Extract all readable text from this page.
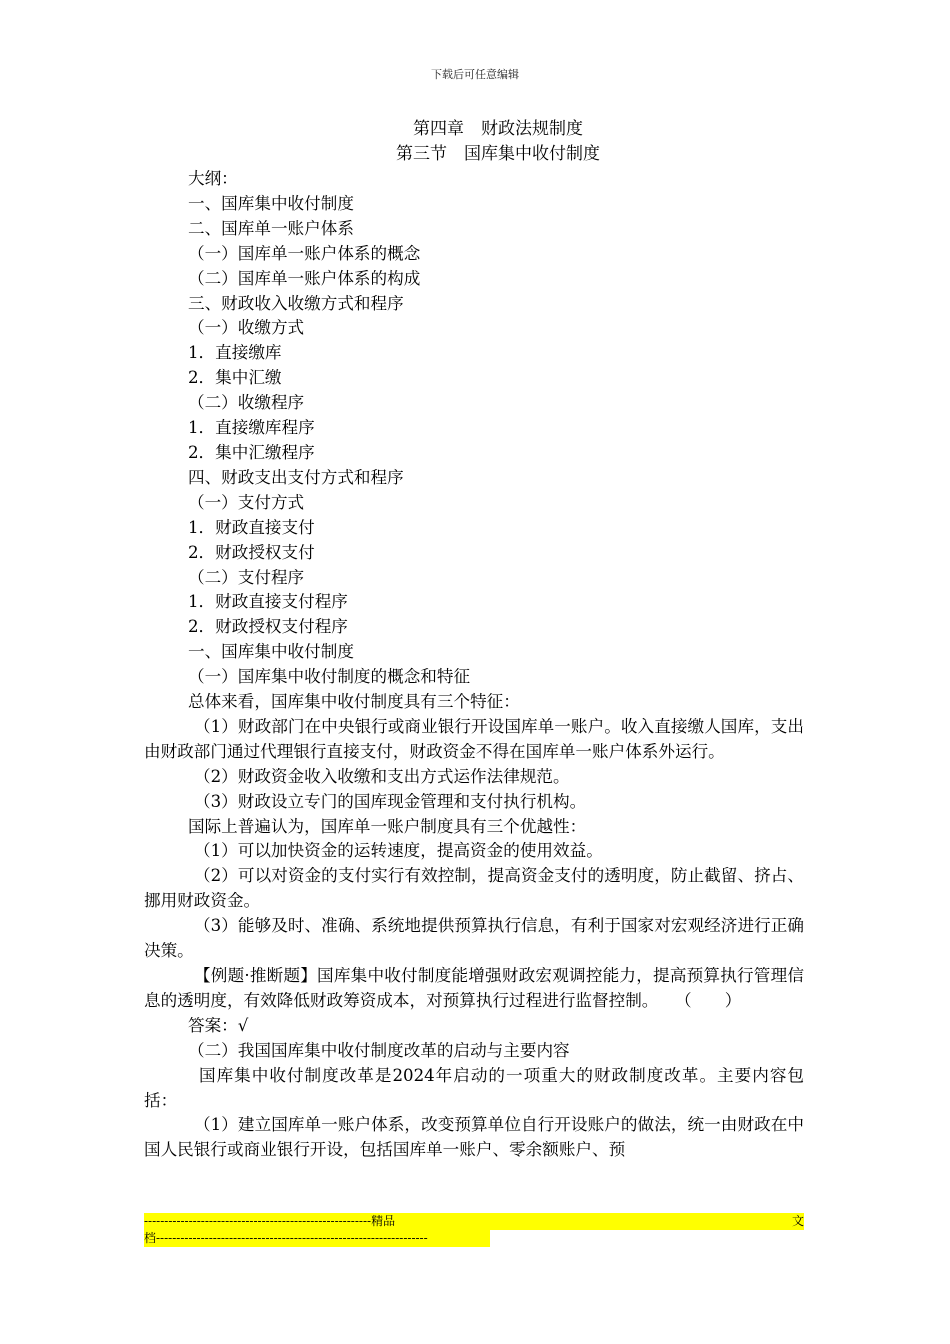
下载后可任意编辑
第四章　财政法规制度
第三节　国库集中收付制度

大纲：

一、国库集中收付制度

二、国库单一账户体系

（一）国库单一账户体系的概念

（二）国库单一账户体系的构成

三、财政收入收缴方式和程序

（一）收缴方式

1．直接缴库

2．集中汇缴

（二）收缴程序

1．直接缴库程序

2．集中汇缴程序

四、财政支出支付方式和程序

（一）支付方式

1．财政直接支付

2．财政授权支付

（二）支付程序

1．财政直接支付程序

2．财政授权支付程序

一、国库集中收付制度

（一）国库集中收付制度的概念和特征

总体来看，国库集中收付制度具有三个特征：

（1）财政部门在中央银行或商业银行开设国库单一账户。收入直接缴人国库，支出由财政部门通过代理银行直接支付，财政资金不得在国库单一账户体系外运行。

（2）财政资金收入收缴和支出方式运作法律规范。

（3）财政设立专门的国库现金管理和支付执行机构。

国际上普遍认为，国库单一账户制度具有三个优越性：

（1）可以加快资金的运转速度，提高资金的使用效益。

（2）可以对资金的支付实行有效控制，提高资金支付的透明度，防止截留、挤占、挪用财政资金。

（3）能够及时、准确、系统地提供预算执行信息，有利于国家对宏观经济进行正确决策。

【例题·推断题】国库集中收付制度能增强财政宏观调控能力，提高预算执行管理信息的透明度，有效降低财政筹资成本，对预算执行过程进行监督控制。　　（　　）

答案：√

（二）我国国库集中收付制度改革的启动与主要内容

国库集中收付制度改革是2024年启动的一项重大的财政制度改革。主要内容包括：

（1）建立国库单一账户体系，改变预算单位自行开设账户的做法，统一由财政在中国人民银行或商业银行开设，包括国库单一账户、零余额账户、预

-------------------------------------------------------- 精 品	文
档-------------------------------------------------------------------
